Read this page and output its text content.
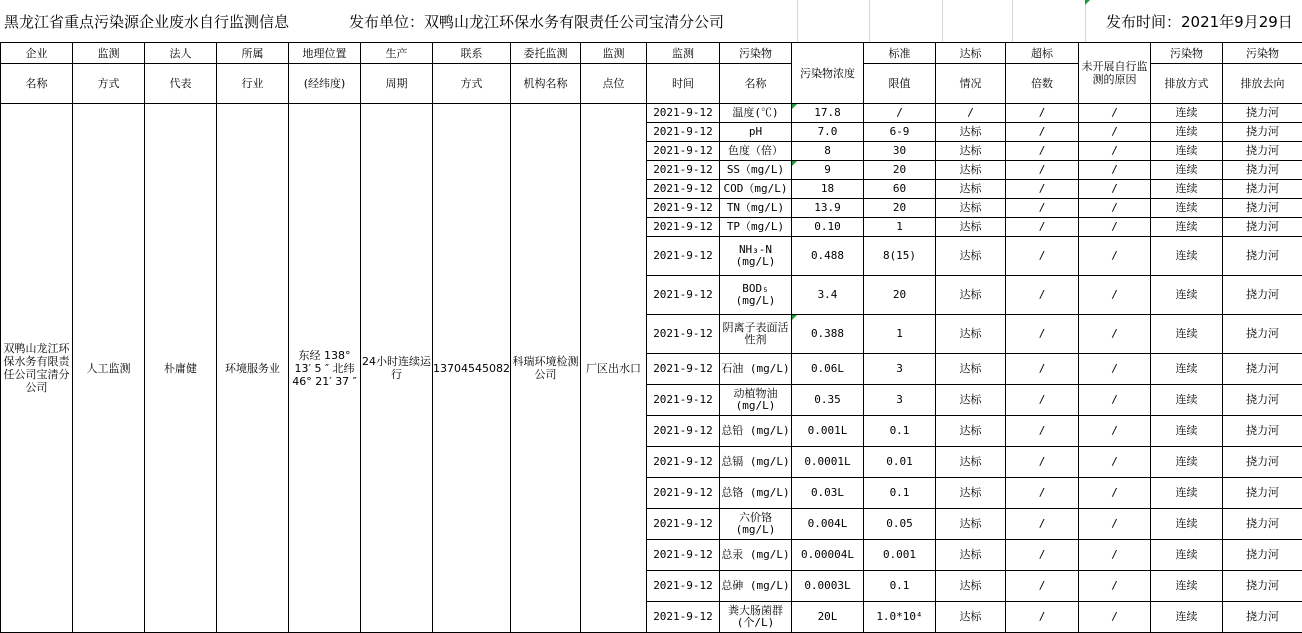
黑龙江省重点污染源企业废水自行监测信息	发布单位：双鸭山龙江环保水务有限责任公司宝清分公司	发布时间：2021年9月29日
企业	监测	法人	所属	地理位置	生产	联系	委托监测	监测	监测	污染物	污染物浓度	标准	达标	超标	未开展自行监测的原因	污染物	污染物
名称	方式	代表	行业	(经纬度)	周期	方式	机构名称	点位	时间	名称		限值	情况	倍数		排放方式	排放去向
双鸭山龙江环保水务有限责任公司宝清分公司	人工监测	朴庸健	环境服务业	东经 138° 13′ 5 ″ 北纬 46° 21′ 37 ″	24小时连续运行	13704545082	科瑞环境检测公司	厂区出水口	2021-9-12	温度(℃)	17.8	/	/	/	/	连续	挠力河

									2021-9-12	pH	7.0	6-9	达标	/	/	连续	挠力河

									2021-9-12	色度（倍）	8	30	达标	/	/	连续	挠力河

									2021-9-12	SS（mg/L)	9	20	达标	/	/	连续	挠力河

									2021-9-12	COD（mg/L)	18	60	达标	/	/	连续	挠力河

									2021-9-12	TN（mg/L)	13.9	20	达标	/	/	连续	挠力河

									2021-9-12	TP（mg/L)	0.10	1	达标	/	/	连续	挠力河

									2021-9-12	NH₃-N (mg/L)	0.488	8(15)	达标	/	/	连续	挠力河

									2021-9-12	BOD₅ (mg/L)	3.4	20	达标	/	/	连续	挠力河

									2021-9-12	阴离子表面活性剂	0.388	1	达标	/	/	连续	挠力河

									2021-9-12	石油 (mg/L)	0.06L	3	达标	/	/	连续	挠力河

									2021-9-12	动植物油 (mg/L)	0.35	3	达标	/	/	连续	挠力河

									2021-9-12	总铅 (mg/L)	0.001L	0.1	达标	/	/	连续	挠力河

									2021-9-12	总镉 (mg/L)	0.0001L	0.01	达标	/	/	连续	挠力河

									2021-9-12	总铬 (mg/L)	0.03L	0.1	达标	/	/	连续	挠力河

									2021-9-12	六价铬 (mg/L)	0.004L	0.05	达标	/	/	连续	挠力河

									2021-9-12	总汞 (mg/L)	0.00004L	0.001	达标	/	/	连续	挠力河

									2021-9-12	总砷 (mg/L)	0.0003L	0.1	达标	/	/	连续	挠力河

									2021-9-12	粪大肠菌群 (个/L)	20L	1.0*10⁴	达标	/	/	连续	挠力河
